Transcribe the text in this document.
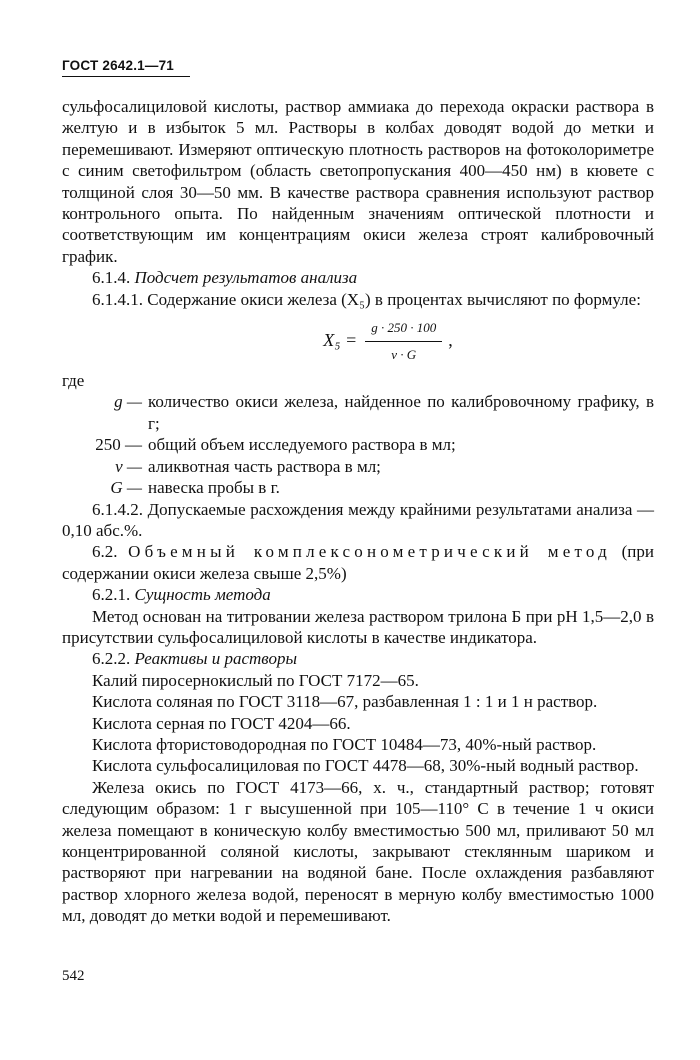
ГОСТ 2642.1—71

сульфосалициловой кислоты, раствор аммиака до перехода окраски раствора в желтую и в избыток 5 мл. Растворы в колбах доводят водой до метки и перемешивают. Измеряют оптическую плотность растворов на фотоколориметре с синим светофильтром (область светопропускания 400—450 нм) в кювете с толщиной слоя 30—50 мм. В качестве раствора сравнения используют раствор контрольного опыта. По найденным значениям оптической плотности и соответствующим им концентрациям окиси железа строят калибровочный график.

6.1.4. Подсчет результатов анализа

6.1.4.1. Содержание окиси железа (X₅) в процентах вычисляют по формуле:

$X_5 = \frac{g \cdot 250 \cdot 100}{v \cdot G}$ ,

где

g — количество окиси железа, найденное по калибровочному графику, в г;
250 — общий объем исследуемого раствора в мл;
v — аликвотная часть раствора в мл;
G — навеска пробы в г.

6.1.4.2. Допускаемые расхождения между крайними результатами анализа — 0,10 абс.%.

6.2. Объемный комплексонометрический метод (при содержании окиси железа свыше 2,5%)

6.2.1. Сущность метода

Метод основан на титровании железа раствором трилона Б при pH 1,5—2,0 в присутствии сульфосалициловой кислоты в качестве индикатора.

6.2.2. Реактивы и растворы

Калий пиросернокислый по ГОСТ 7172—65.

Кислота соляная по ГОСТ 3118—67, разбавленная 1 : 1 и 1 н раствор.

Кислота серная по ГОСТ 4204—66.

Кислота фтористоводородная по ГОСТ 10484—73, 40%-ный раствор.

Кислота сульфосалициловая по ГОСТ 4478—68, 30%-ный водный раствор.

Железа окись по ГОСТ 4173—66, х. ч., стандартный раствор; готовят следующим образом: 1 г высушенной при 105—110° С в течение 1 ч окиси железа помещают в коническую колбу вместимостью 500 мл, приливают 50 мл концентрированной соляной кислоты, закрывают стеклянным шариком и растворяют при нагревании на водяной бане. После охлаждения разбавляют раствор хлорного железа водой, переносят в мерную колбу вместимостью 1000 мл, доводят до метки водой и перемешивают.

542
